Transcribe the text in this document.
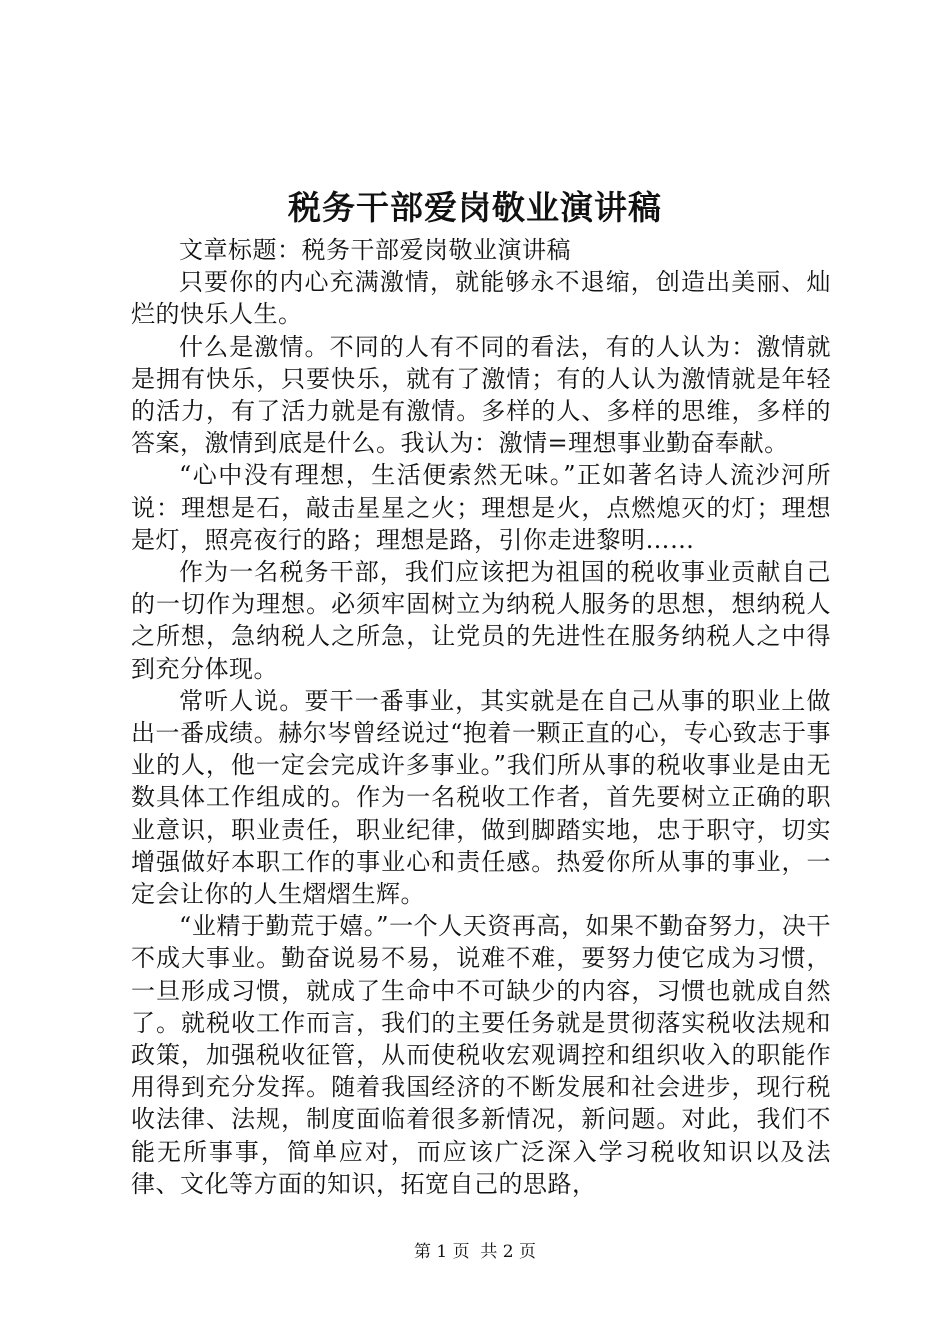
税务干部爱岗敬业演讲稿

文章标题：税务干部爱岗敬业演讲稿

只要你的内心充满激情，就能够永不退缩，创造出美丽、灿烂的快乐人生。

什么是激情。不同的人有不同的看法，有的人认为：激情就是拥有快乐，只要快乐，就有了激情；有的人认为激情就是年轻的活力，有了活力就是有激情。多样的人、多样的思维，多样的答案，激情到底是什么。我认为：激情=理想事业勤奋奉献。

“心中没有理想，生活便索然无味。”正如著名诗人流沙河所说：理想是石，敲击星星之火；理想是火，点燃熄灭的灯；理想是灯，照亮夜行的路；理想是路，引你走进黎明……

作为一名税务干部，我们应该把为祖国的税收事业贡献自己的一切作为理想。必须牢固树立为纳税人服务的思想，想纳税人之所想，急纳税人之所急，让党员的先进性在服务纳税人之中得到充分体现。

常听人说。要干一番事业，其实就是在自己从事的职业上做出一番成绩。赫尔岑曾经说过“抱着一颗正直的心，专心致志于事业的人，他一定会完成许多事业。”我们所从事的税收事业是由无数具体工作组成的。作为一名税收工作者，首先要树立正确的职业意识，职业责任，职业纪律，做到脚踏实地，忠于职守，切实增强做好本职工作的事业心和责任感。热爱你所从事的事业，一定会让你的人生熠熠生辉。

“业精于勤荒于嬉。”一个人天资再高，如果不勤奋努力，决干不成大事业。勤奋说易不易，说难不难，要努力使它成为习惯，一旦形成习惯，就成了生命中不可缺少的内容，习惯也就成自然了。就税收工作而言，我们的主要任务就是贯彻落实税收法规和政策，加强税收征管，从而使税收宏观调控和组织收入的职能作用得到充分发挥。随着我国经济的不断发展和社会进步，现行税收法律、法规，制度面临着很多新情况，新问题。对此，我们不能无所事事，简单应对，而应该广泛深入学习税收知识以及法律、文化等方面的知识，拓宽自己的思路，

第 1 页 共 2 页
